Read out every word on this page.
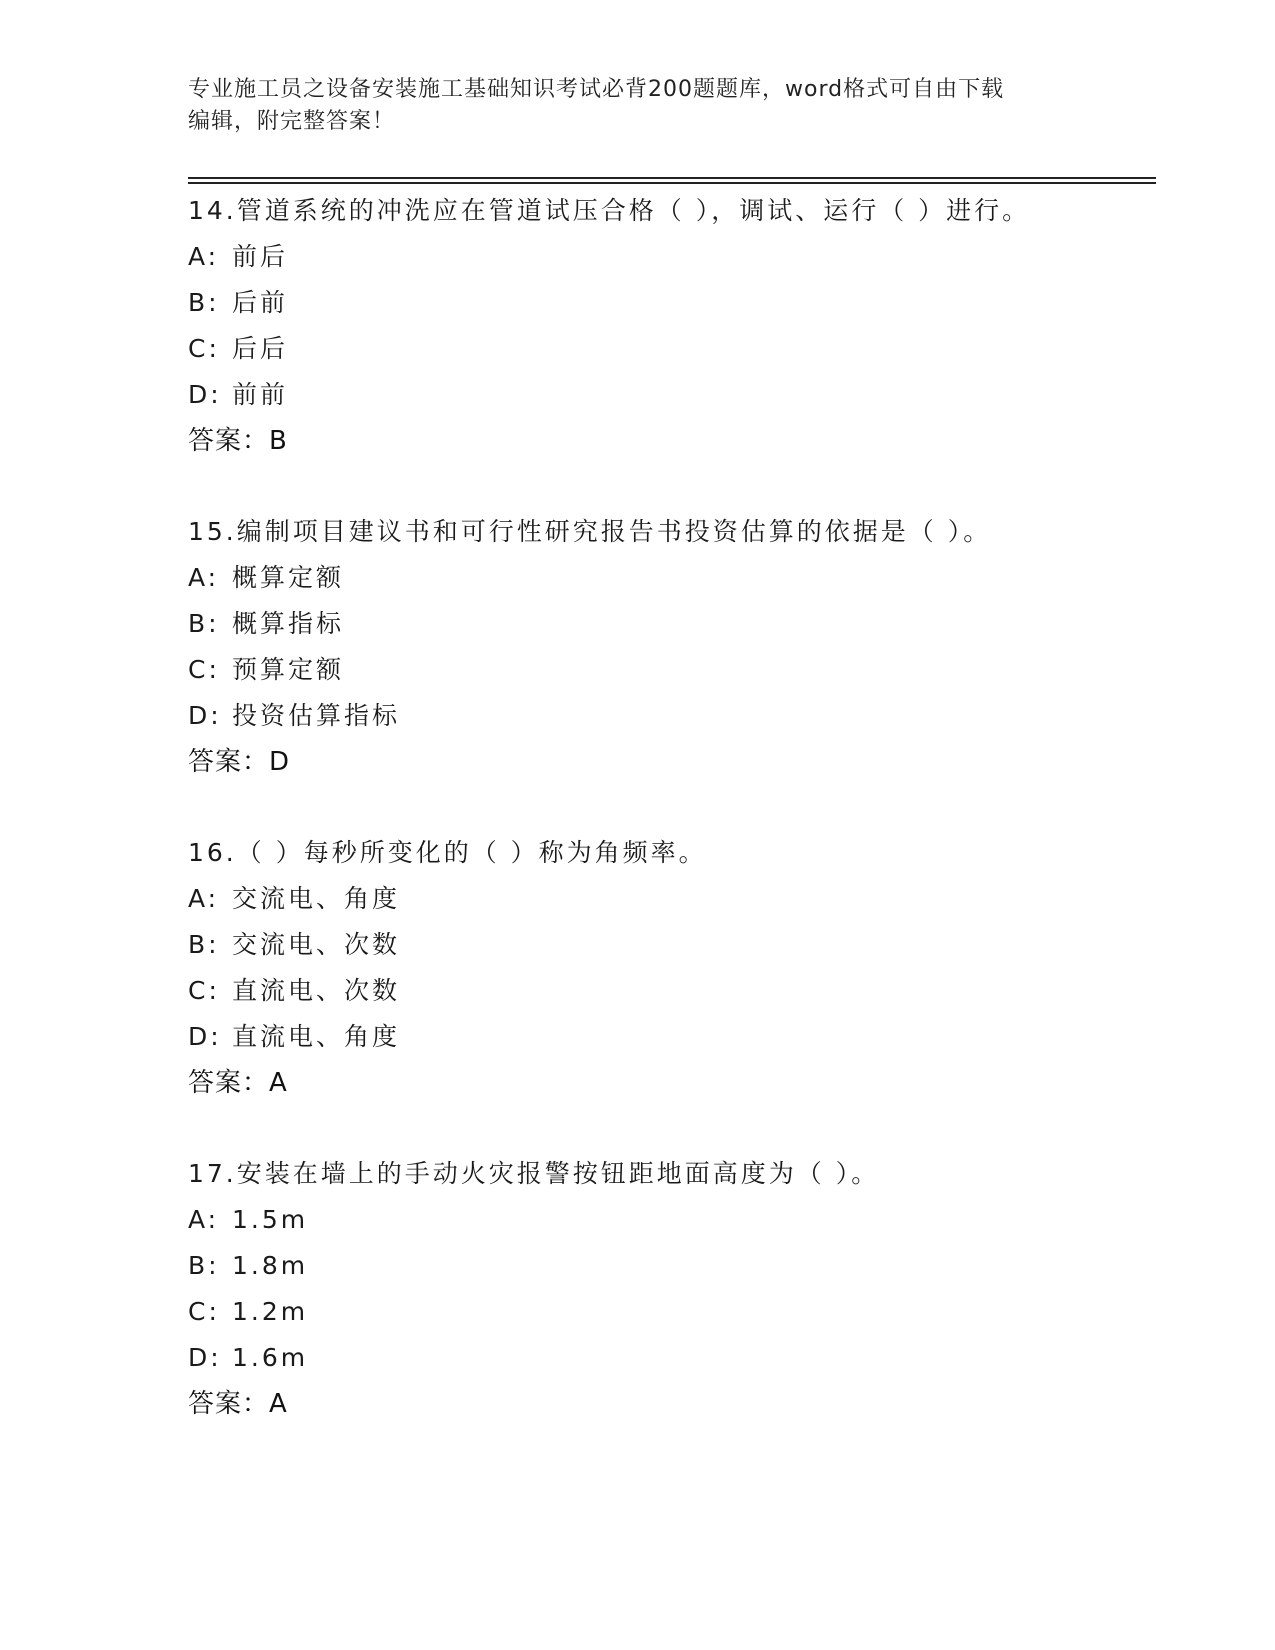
专业施工员之设备安装施工基础知识考试必背200题题库，word格式可自由下载
编辑，附完整答案！
14.管道系统的冲洗应在管道试压合格（ ），调试、运行（ ）进行。
A: 前后
B: 后前
C: 后后
D: 前前
答案：B
15.编制项目建议书和可行性研究报告书投资估算的依据是（ ）。
A: 概算定额
B: 概算指标
C: 预算定额
D: 投资估算指标
答案：D
16.（ ）每秒所变化的（ ）称为角频率。
A: 交流电、角度
B: 交流电、次数
C: 直流电、次数
D: 直流电、角度
答案：A
17.安装在墙上的手动火灾报警按钮距地面高度为（ ）。
A: 1.5m
B: 1.8m
C: 1.2m
D: 1.6m
答案：A
